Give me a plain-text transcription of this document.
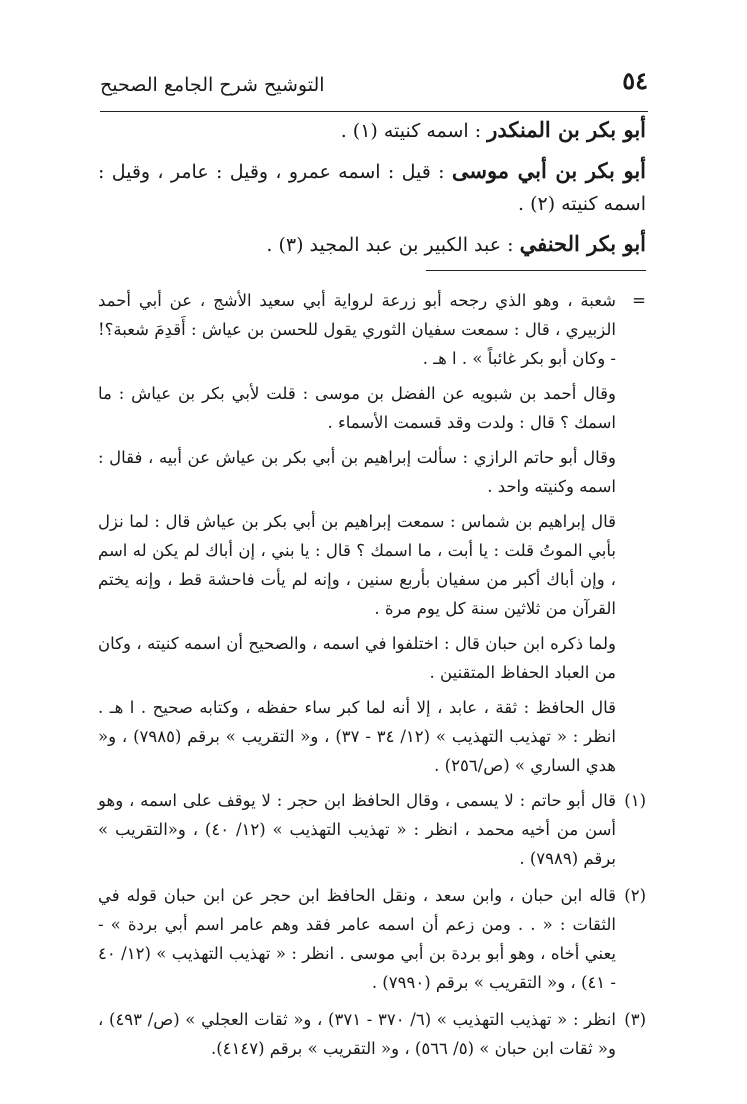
٥٤
التوشيح شرح الجامع الصحيح

أبو بكر بن المنكدر : اسمه كنيته (١) .

أبو بكر بن أبي موسى : قيل : اسمه عمرو ، وقيل : عامر ، وقيل : اسمه كنيته (٢) .

أبو بكر الحنفي : عبد الكبير بن عبد المجيد (٣) .

=
شعبة ، وهو الذي رجحه أبو زرعة لرواية أبي سعيد الأشج ، عن أبي أحمد الزبيري ، قال : سمعت سفيان الثوري يقول للحسن بن عياش : أَقدِمَ شعبة؟! - وكان أبو بكر غائباً » . ا هـ .

وقال أحمد بن شبويه عن الفضل بن موسى : قلت لأبي بكر بن عياش : ما اسمك ؟ قال : ولدت وقد قسمت الأسماء .

وقال أبو حاتم الرازي : سألت إبراهيم بن أبي بكر بن عياش عن أبيه ، فقال : اسمه وكنيته واحد .

قال إبراهيم بن شماس : سمعت إبراهيم بن أبي بكر بن عياش قال : لما نزل بأبي الموتُ قلت : يا أبت ، ما اسمك ؟ قال : يا بني ، إن أباك لم يكن له اسم ، وإن أباك أكبر من سفيان بأربع سنين ، وإنه لم يأت فاحشة قط ، وإنه يختم القرآن من ثلاثين سنة كل يوم مرة .

ولما ذكره ابن حبان قال : اختلفوا في اسمه ، والصحيح أن اسمه كنيته ، وكان من العباد الحفاظ المتقنين .

قال الحافظ : ثقة ، عابد ، إلا أنه لما كبر ساء حفظه ، وكتابه صحيح . ا هـ . انظر : « تهذيب التهذيب » (١٢/ ٣٤ - ٣٧) ، و« التقريب » برقم (٧٩٨٥) ، و« هدي الساري » (ص/٢٥٦) .

(١)
قال أبو حاتم : لا يسمى ، وقال الحافظ ابن حجر : لا يوقف على اسمه ، وهو أسن من أخيه محمد ، انظر : « تهذيب التهذيب » (١٢/ ٤٠) ، و«التقريب » برقم (٧٩٨٩) .

(٢)
قاله ابن حبان ، وابن سعد ، ونقل الحافظ ابن حجر عن ابن حبان قوله في الثقات : « . . ومن زعم أن اسمه عامر فقد وهم عامر اسم أبي بردة » - يعني أخاه ، وهو أبو بردة بن أبي موسى . انظر : « تهذيب التهذيب » (١٢/ ٤٠ - ٤١) ، و« التقريب » برقم (٧٩٩٠) .

(٣)
انظر : « تهذيب التهذيب » (٦/ ٣٧٠ - ٣٧١) ، و« ثقات العجلي » (ص/ ٤٩٣) ، و« ثقات ابن حبان » (٥/ ٥٦٦) ، و« التقريب » برقم (٤١٤٧).
